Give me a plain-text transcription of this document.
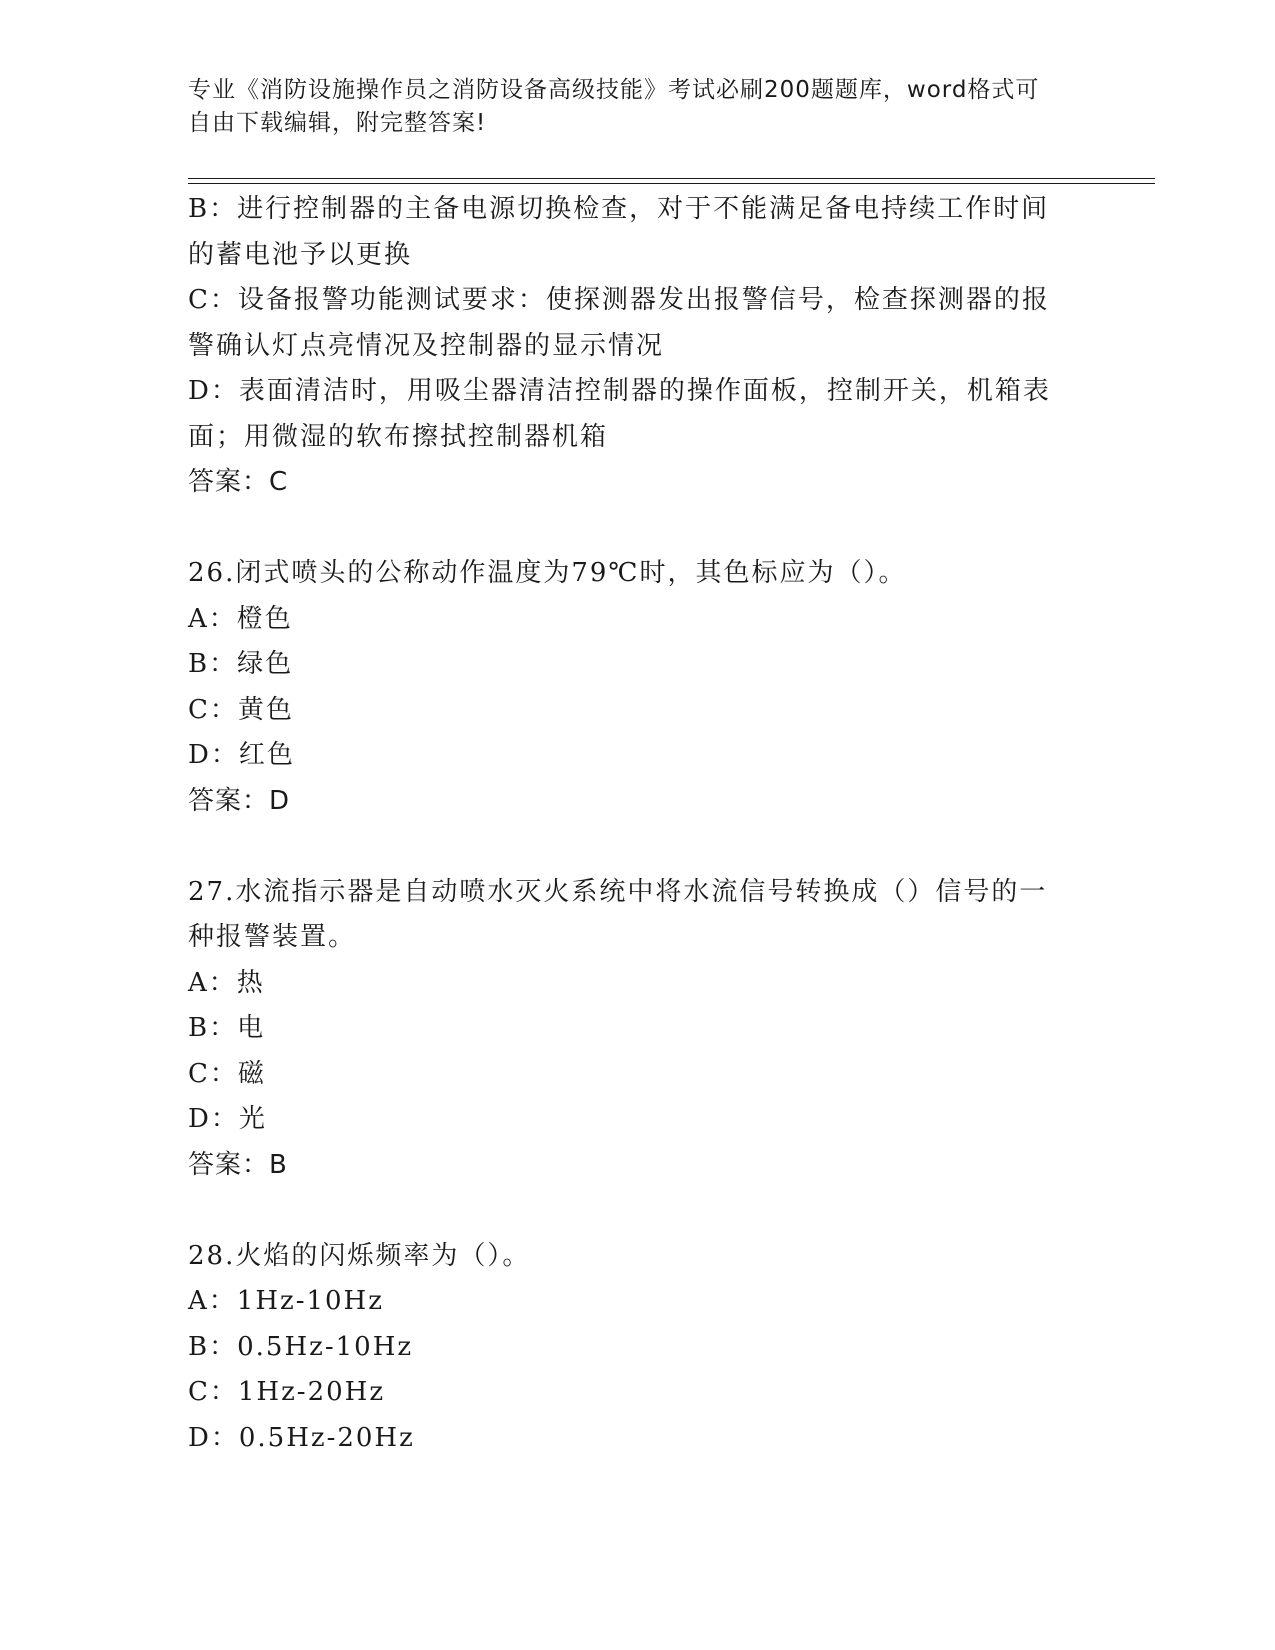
专业《消防设施操作员之消防设备高级技能》考试必刷200题题库，word格式可
自由下载编辑，附完整答案!
B：进行控制器的主备电源切换检查，对于不能满足备电持续工作时间
的蓄电池予以更换
C：设备报警功能测试要求：使探测器发出报警信号，检查探测器的报
警确认灯点亮情况及控制器的显示情况
D：表面清洁时，用吸尘器清洁控制器的操作面板，控制开关，机箱表
面；用微湿的软布擦拭控制器机箱
答案：C
26.闭式喷头的公称动作温度为79℃时，其色标应为（）。
A：橙色
B：绿色
C：黄色
D：红色
答案：D
27.水流指示器是自动喷水灭火系统中将水流信号转换成（）信号的一
种报警装置。
A：热
B：电
C：磁
D：光
答案：B
28.火焰的闪烁频率为（）。
A：1Hz-10Hz
B：0.5Hz-10Hz
C：1Hz-20Hz
D：0.5Hz-20Hz
